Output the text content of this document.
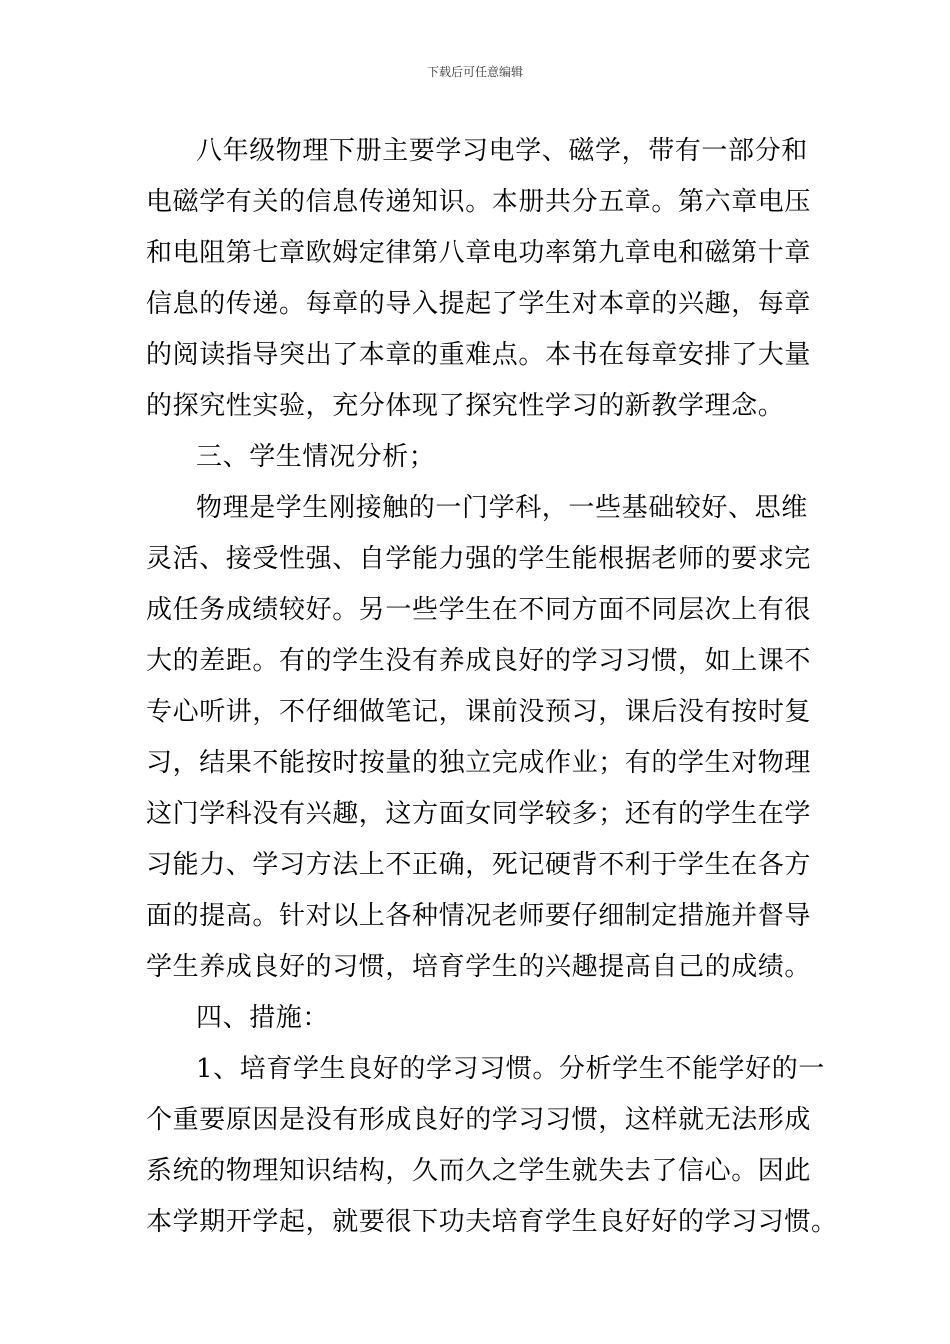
下载后可任意编辑
八年级物理下册主要学习电学、磁学，带有一部分和
电磁学有关的信息传递知识。本册共分五章。第六章电压
和电阻第七章欧姆定律第八章电功率第九章电和磁第十章
信息的传递。每章的导入提起了学生对本章的兴趣，每章
的阅读指导突出了本章的重难点。本书在每章安排了大量
的探究性实验，充分体现了探究性学习的新教学理念。
三、学生情况分析；
物理是学生刚接触的一门学科，一些基础较好、思维
灵活、接受性强、自学能力强的学生能根据老师的要求完
成任务成绩较好。另一些学生在不同方面不同层次上有很
大的差距。有的学生没有养成良好的学习习惯，如上课不
专心听讲，不仔细做笔记，课前没预习，课后没有按时复
习，结果不能按时按量的独立完成作业；有的学生对物理
这门学科没有兴趣，这方面女同学较多；还有的学生在学
习能力、学习方法上不正确，死记硬背不利于学生在各方
面的提高。针对以上各种情况老师要仔细制定措施并督导
学生养成良好的习惯，培育学生的兴趣提高自己的成绩。
四、措施：
1、培育学生良好的学习习惯。分析学生不能学好的一
个重要原因是没有形成良好的学习习惯，这样就无法形成
系统的物理知识结构，久而久之学生就失去了信心。因此
本学期开学起，就要很下功夫培育学生良好好的学习习惯。
